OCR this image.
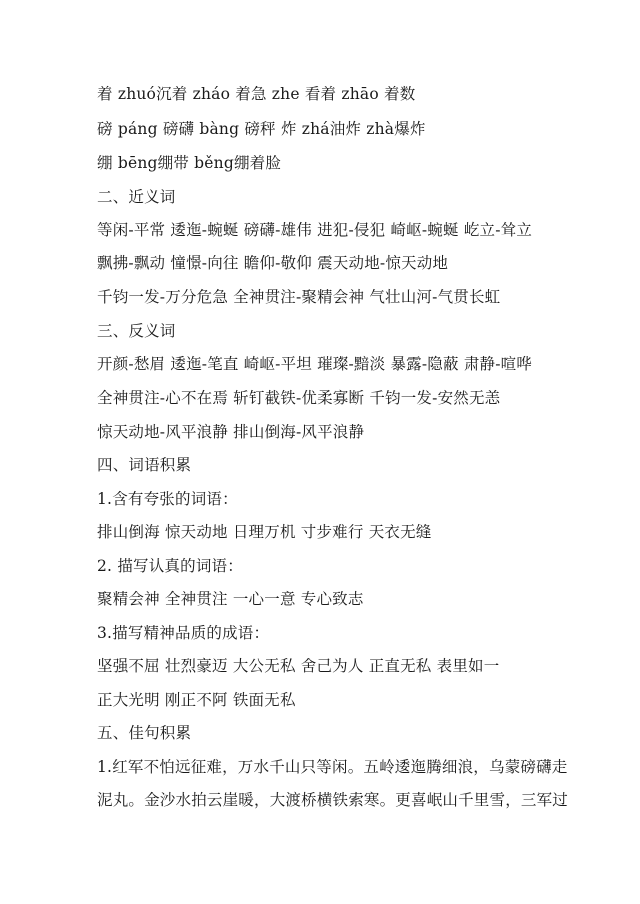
着 zhuó沉着 zháo 着急 zhe 看着 zhāo 着数
磅 páng 磅礴 bàng 磅秤 炸 zhá油炸 zhà爆炸
绷 bēng绷带 běng绷着脸
二、近义词
等闲-平常 逶迤-蜿蜒 磅礴-雄伟 进犯-侵犯 崎岖-蜿蜒 屹立-耸立
飘拂-飘动 憧憬-向往 瞻仰-敬仰 震天动地-惊天动地
千钧一发-万分危急 全神贯注-聚精会神 气壮山河-气贯长虹
三、反义词
开颜-愁眉 逶迤-笔直 崎岖-平坦 璀璨-黯淡 暴露-隐蔽 肃静-喧哗
全神贯注-心不在焉 斩钉截铁-优柔寡断 千钧一发-安然无恙
惊天动地-风平浪静 排山倒海-风平浪静
四、词语积累
1.含有夸张的词语：
排山倒海 惊天动地 日理万机 寸步难行 天衣无缝
2. 描写认真的词语：
聚精会神 全神贯注 一心一意 专心致志
3.描写精神品质的成语：
坚强不屈 壮烈豪迈 大公无私 舍己为人 正直无私 表里如一
正大光明 刚正不阿 铁面无私
五、佳句积累
1.红军不怕远征难，万水千山只等闲。五岭逶迤腾细浪，乌蒙磅礴走
泥丸。金沙水拍云崖暖，大渡桥横铁索寒。更喜岷山千里雪，三军过
